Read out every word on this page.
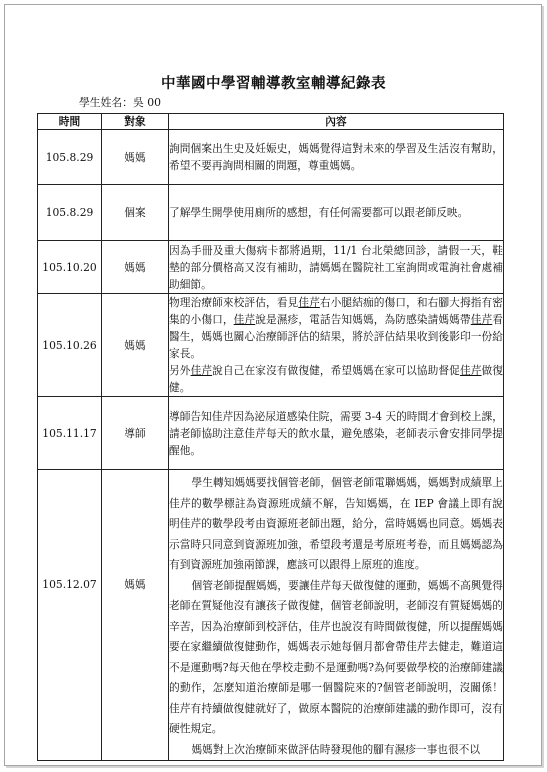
中華國中學習輔導教室輔導紀錄表
學生姓名：吳 00
時間	對象	內容
105.8.29	媽媽	詢問個案出生史及妊娠史，媽媽覺得這對未來的學習及生活沒有幫助，希望不要再詢問相關的問題，尊重媽媽。

105.8.29	個案	了解學生開學使用廁所的感想，有任何需要都可以跟老師反映。

105.10.20	媽媽	因為手冊及重大傷病卡都將過期，11/1 台北榮總回診，請假一天，鞋墊的部分價格高又沒有補助，請媽媽在醫院社工室詢問或電詢社會處補助細節。

105.10.26	媽媽	物理治療師來校評估，看見佳芹右小腿結痂的傷口，和右腳大拇指有密集的小傷口，佳芹說是濕疹，電話告知媽媽，為防感染請媽媽帶佳芹看醫生，媽媽也關心治療師評估的結果，將於評估結果收到後影印一份給家長。
另外佳芹說自己在家沒有做復健，希望媽媽在家可以協助督促佳芹做復健。

105.11.17	導師	導師告知佳芹因為泌尿道感染住院，需要 3-4 天的時間才會到校上課，請老師協助注意佳芹每天的飲水量，避免感染，老師表示會安排同學提醒他。

105.12.07	媽媽	學生轉知媽媽要找個管老師，個管老師電聯媽媽，媽媽對成績單上佳芹的數學標註為資源班成績不解，告知媽媽，在 IEP 會議上即有說明佳芹的數學段考由資源班老師出題，給分，當時媽媽也同意。媽媽表示當時只同意到資源班加強，希望段考還是考原班考卷，而且媽媽認為有到資源班加強兩節課，應該可以跟得上原班的進度。
個管老師提醒媽媽，要讓佳芹每天做復健的運動，媽媽不高興覺得老師在質疑他沒有讓孩子做復健，個管老師說明，老師沒有質疑媽媽的辛苦，因為治療師到校評估，佳芹也說沒有時間做復健，所以提醒媽媽要在家繼續做復健動作，媽媽表示她每個月都會帶佳芹去健走，難道這不是運動嗎?每天他在學校走動不是運動嗎?為何要做學校的治療師建議的動作，怎麼知道治療師是哪一個醫院來的?個管老師說明，沒關係！佳芹有持續做復健就好了，做原本醫院的治療師建議的動作即可，沒有硬性規定。
媽媽對上次治療師來做評估時發現他的腳有濕疹一事也很不以
